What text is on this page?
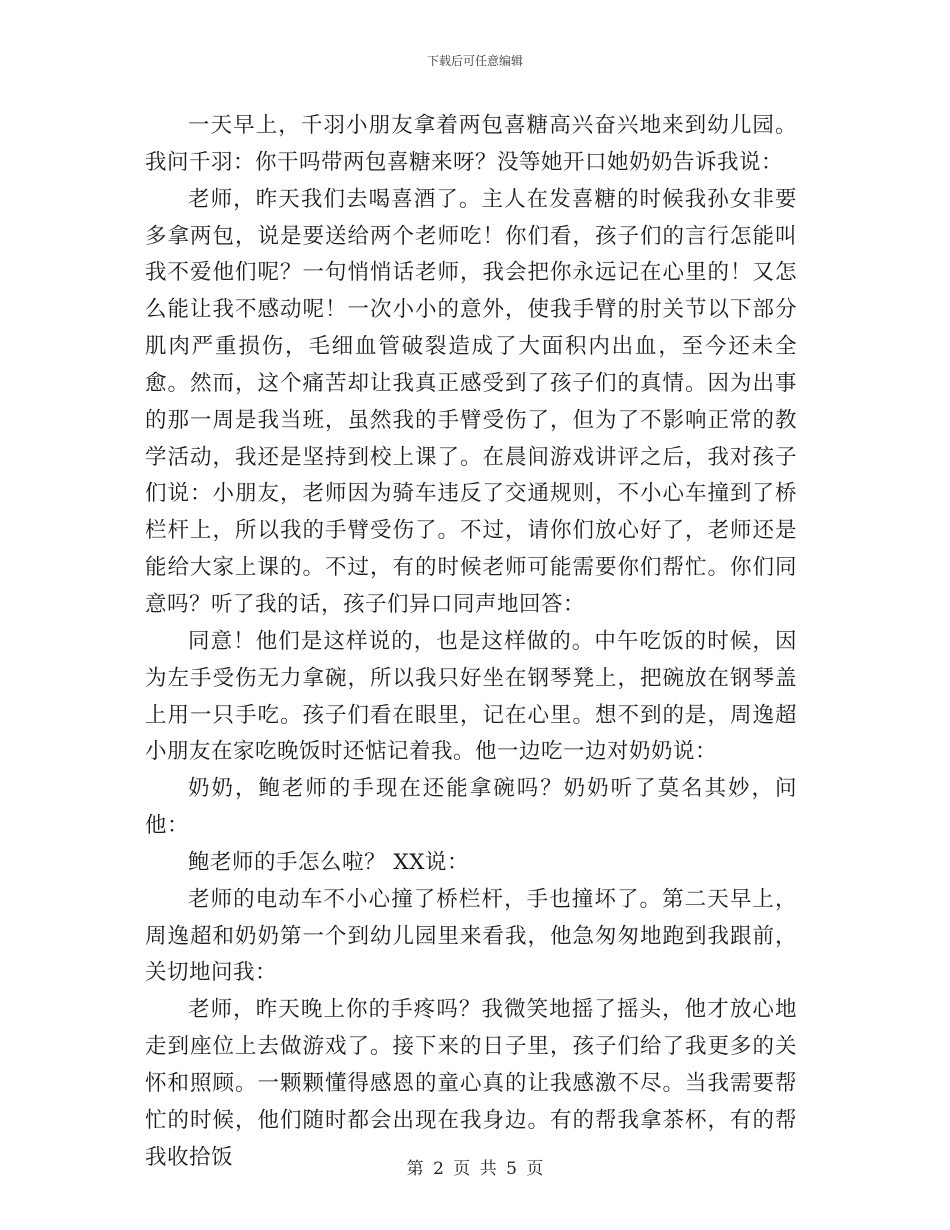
下载后可任意编辑

一天早上，千羽小朋友拿着两包喜糖高兴奋兴地来到幼儿园。我问千羽：你干吗带两包喜糖来呀？没等她开口她奶奶告诉我说：

老师，昨天我们去喝喜酒了。主人在发喜糖的时候我孙女非要多拿两包，说是要送给两个老师吃！你们看，孩子们的言行怎能叫我不爱他们呢？一句悄悄话老师，我会把你永远记在心里的！又怎么能让我不感动呢！一次小小的意外，使我手臂的肘关节以下部分肌肉严重损伤，毛细血管破裂造成了大面积内出血，至今还未全愈。然而，这个痛苦却让我真正感受到了孩子们的真情。因为出事的那一周是我当班，虽然我的手臂受伤了，但为了不影响正常的教学活动，我还是坚持到校上课了。在晨间游戏讲评之后，我对孩子们说：小朋友，老师因为骑车违反了交通规则，不小心车撞到了桥栏杆上，所以我的手臂受伤了。不过，请你们放心好了，老师还是能给大家上课的。不过，有的时候老师可能需要你们帮忙。你们同意吗？听了我的话，孩子们异口同声地回答：

同意！他们是这样说的，也是这样做的。中午吃饭的时候，因为左手受伤无力拿碗，所以我只好坐在钢琴凳上，把碗放在钢琴盖上用一只手吃。孩子们看在眼里，记在心里。想不到的是，周逸超小朋友在家吃晚饭时还惦记着我。他一边吃一边对奶奶说：

奶奶，鲍老师的手现在还能拿碗吗？奶奶听了莫名其妙，问他：

鲍老师的手怎么啦？ XX说：

老师的电动车不小心撞了桥栏杆，手也撞坏了。第二天早上，周逸超和奶奶第一个到幼儿园里来看我，他急匆匆地跑到我跟前，关切地问我：

老师，昨天晚上你的手疼吗？我微笑地摇了摇头，他才放心地走到座位上去做游戏了。接下来的日子里，孩子们给了我更多的关怀和照顾。一颗颗懂得感恩的童心真的让我感激不尽。当我需要帮忙的时候，他们随时都会出现在我身边。有的帮我拿茶杯，有的帮我收拾饭	第 2 页 共 5 页
